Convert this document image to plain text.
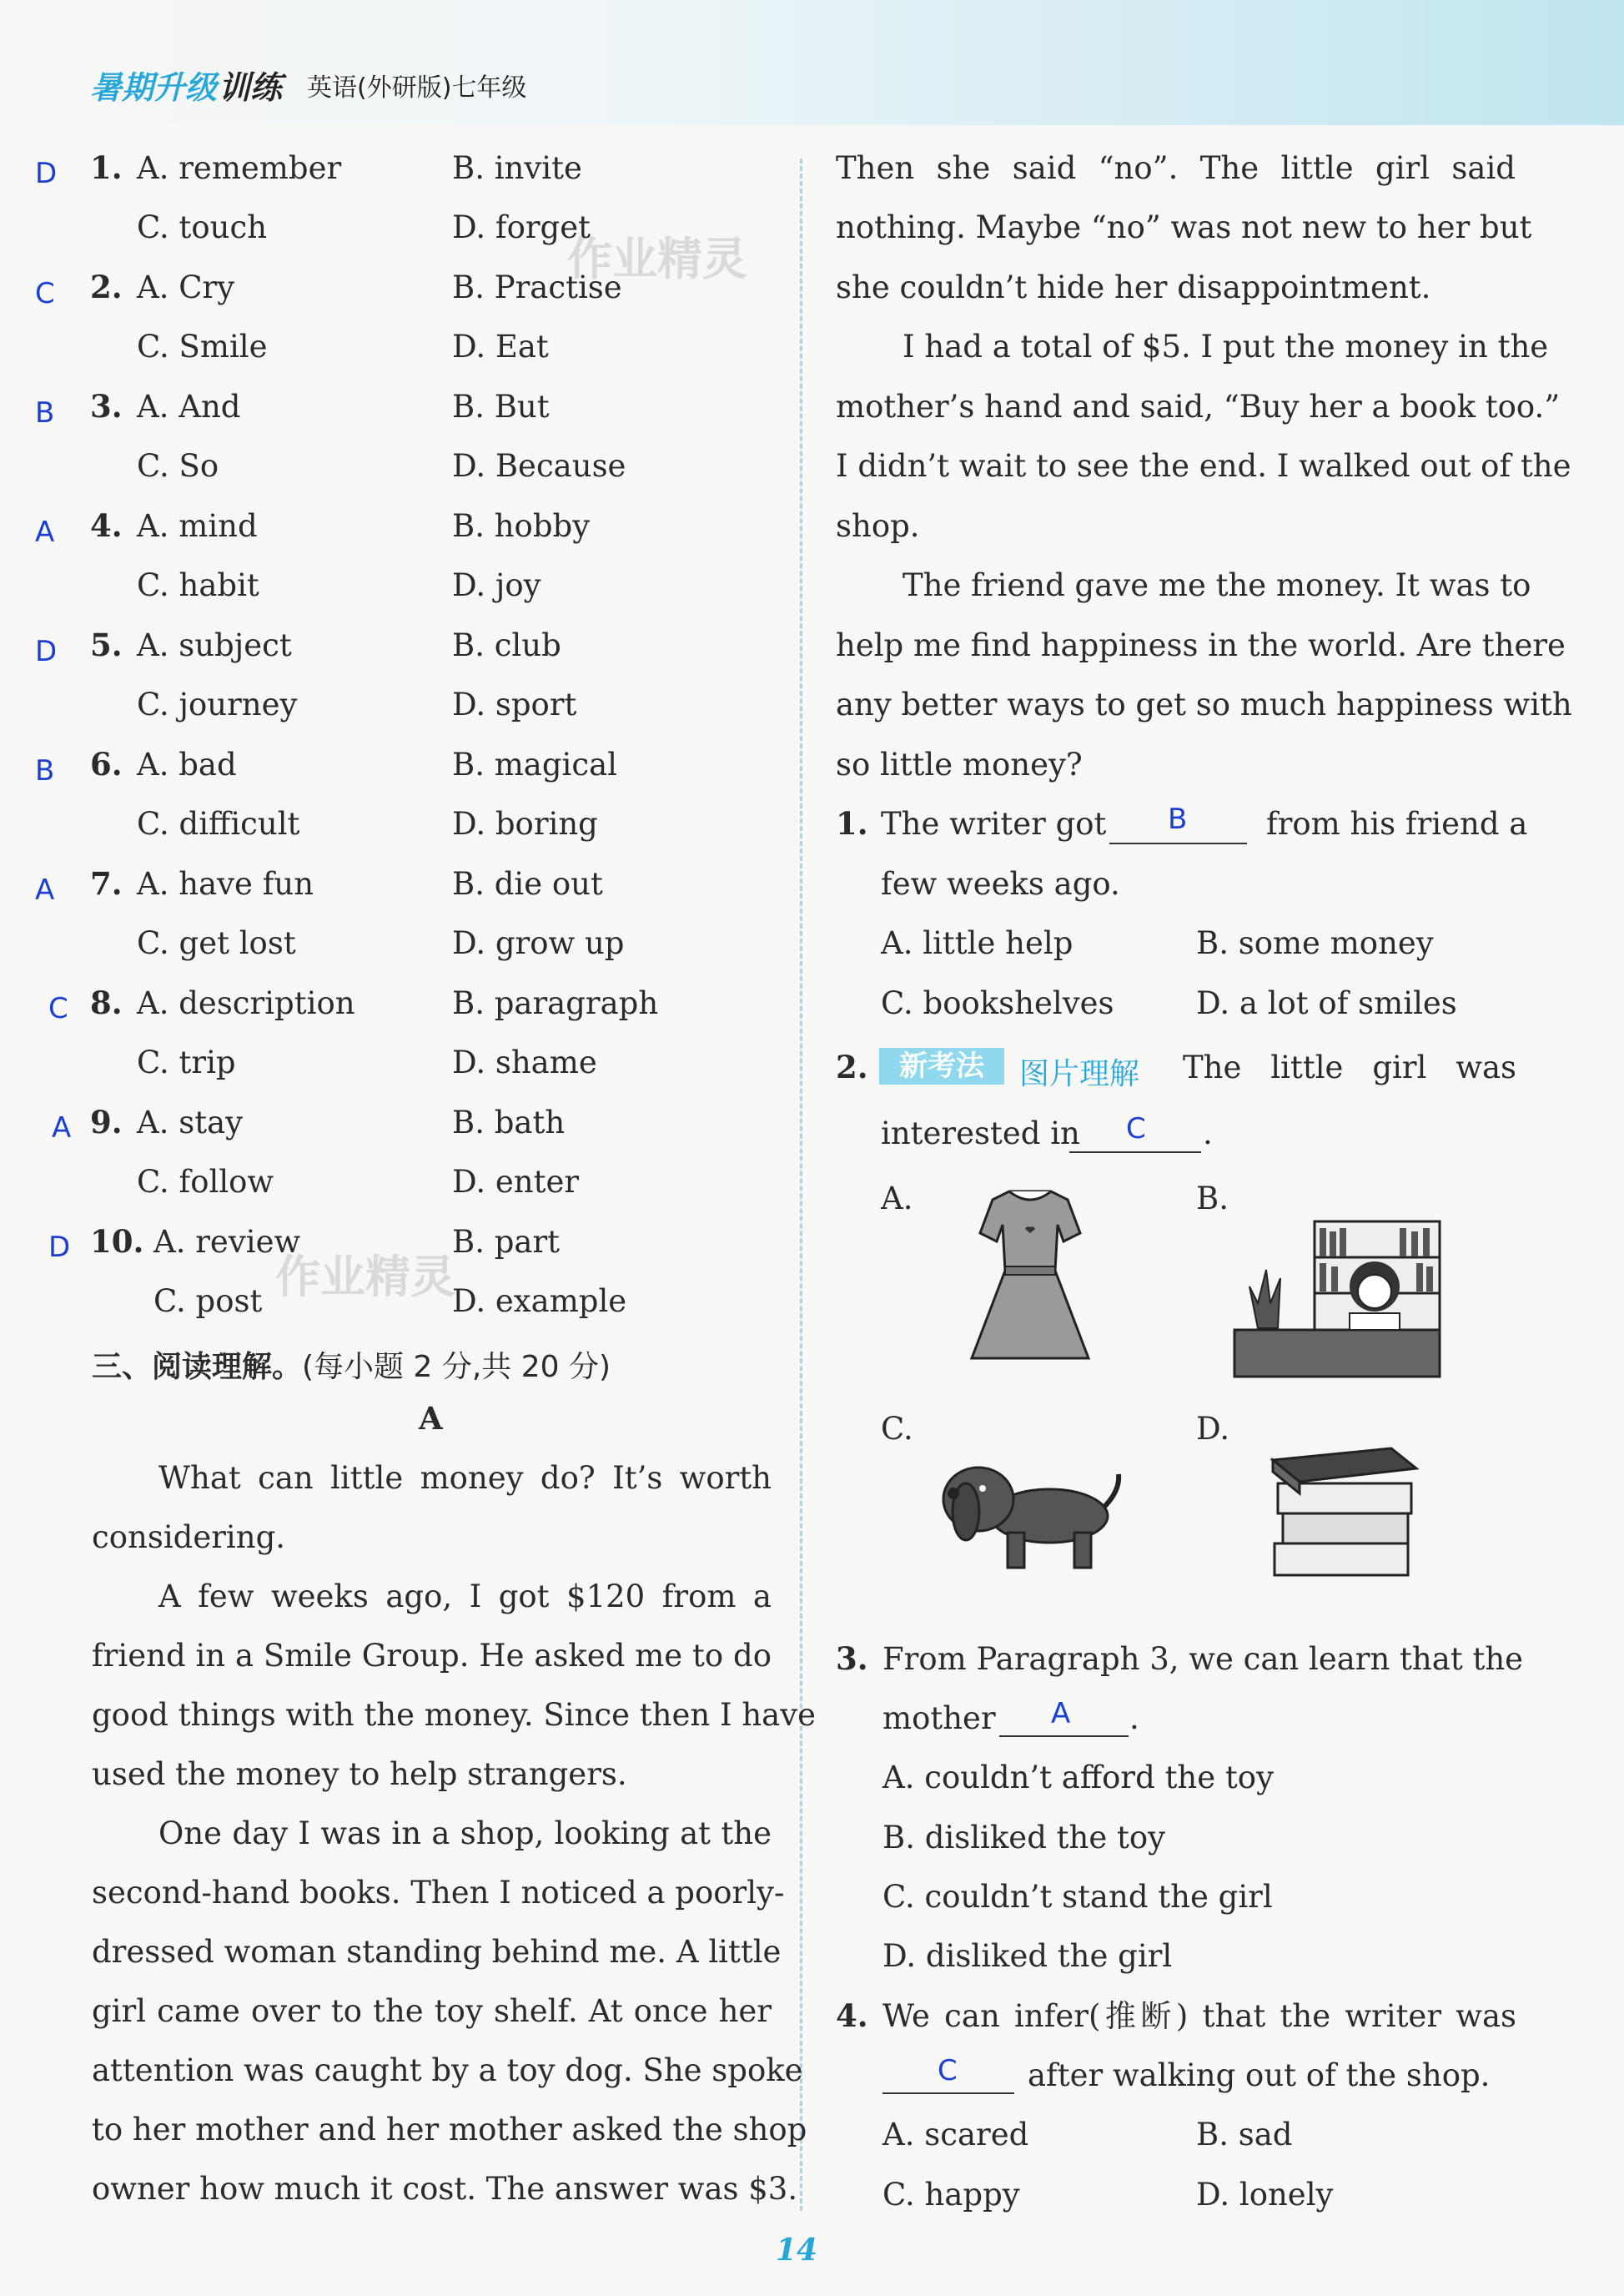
暑期升级 训练 英语(外研版)七年级
D 1. A. remember	B. invite
C. touch	D. forget
C 2. A. Cry	B. Practise
C. Smile	D. Eat
B 3. A. And	B. But
C. So	D. Because
A 4. A. mind	B. hobby
C. habit	D. joy
D 5. A. subject	B. club
C. journey	D. sport
B 6. A. bad	B. magical
C. difficult	D. boring
A 7. A. have fun	B. die out
C. get lost	D. grow up
C 8. A. description	B. paragraph
C. trip	D. shame
A 9. A. stay	B. bath
C. follow	D. enter
D 10. A. review	B. part
C. post	D. example
作业精灵
作业精灵
三、阅读理解。(每小题 2 分,共 20 分)
A
What can little money do? It’s worth
considering.
A few weeks ago, I got $120 from a
friend in a Smile Group. He asked me to do
good things with the money. Since then I have
used the money to help strangers.
One day I was in a shop, looking at the
second-hand books. Then I noticed a poorly-
dressed woman standing behind me. A little
girl came over to the toy shelf. At once her
attention was caught by a toy dog. She spoke
to her mother and her mother asked the shop
owner how much it cost. The answer was $3.
Then she said “no”. The little girl said
nothing. Maybe “no” was not new to her but
she couldn’t hide her disappointment.
I had a total of $5. I put the money in the
mother’s hand and said, “Buy her a book too.”
I didn’t wait to see the end. I walked out of the
shop.
The friend gave me the money. It was to
help me find happiness in the world. Are there
any better ways to get so much happiness with
so little money?
1. The writer got B	from his friend a
few weeks ago.
A. little help	B. some money
C. bookshelves	D. a lot of smiles
2.	新考法	图片理解 The little girl was
interested in	.
C
A.	B.
C.	D.
3. From Paragraph 3, we can learn that the
mother	.
A
A. couldn’t afford the toy
B. disliked the toy
C. couldn’t stand the girl
D. disliked the girl
4. We can infer(推断) that the writer was
C after walking out of the shop.
A. scared	B. sad
C. happy	D. lonely
14
